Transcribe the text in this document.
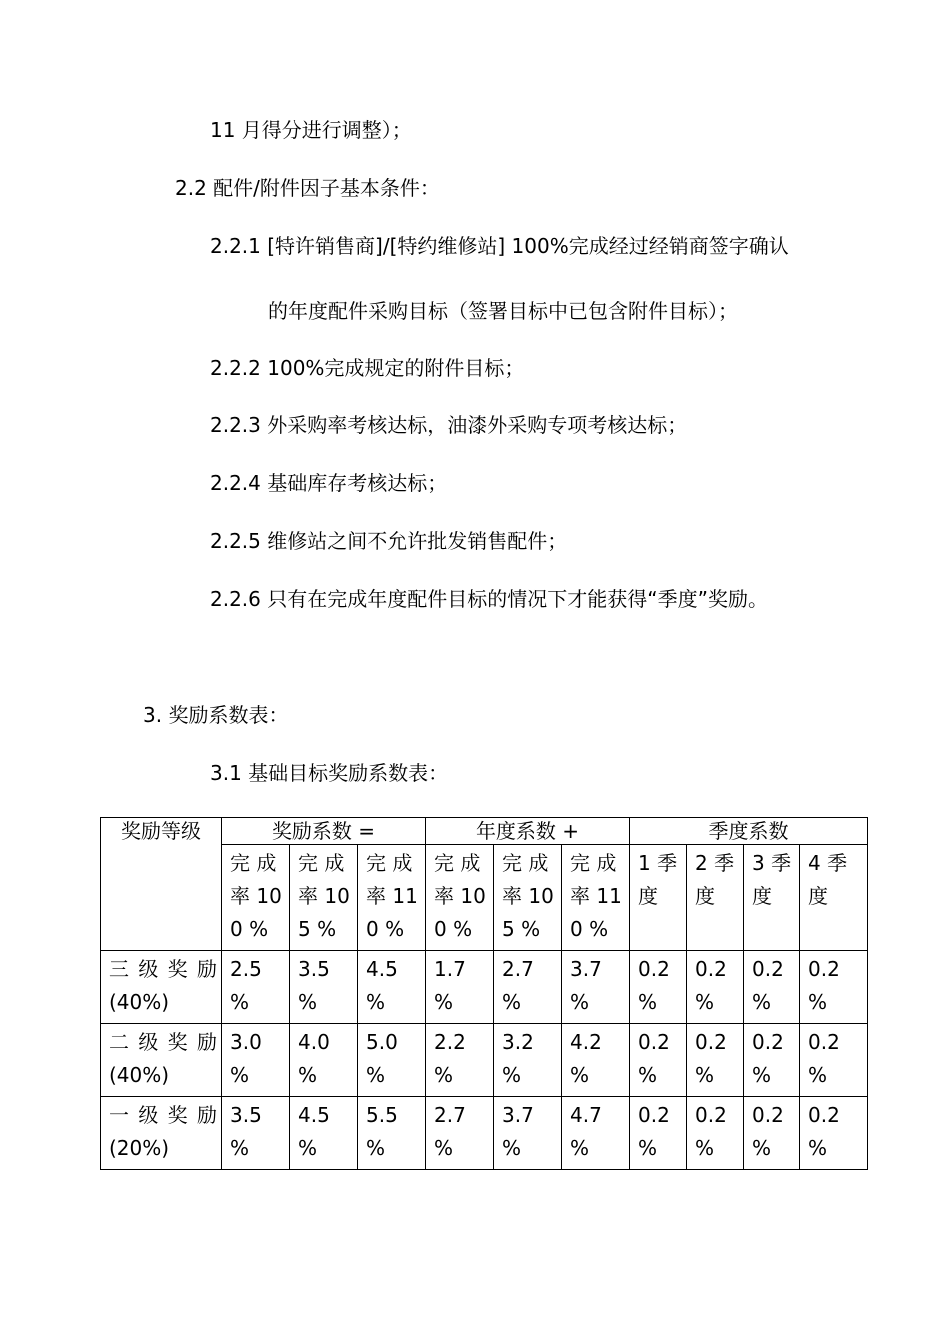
11 月得分进行调整）；
2.2 配件/附件因子基本条件：
2.2.1 [特许销售商]/[特约维修站] 100%完成经过经销商签字确认
的年度配件采购目标（签署目标中已包含附件目标）；
2.2.2 100%完成规定的附件目标；
2.2.3 外采购率考核达标，油漆外采购专项考核达标；
2.2.4 基础库存考核达标；
2.2.5 维修站之间不允许批发销售配件；
2.2.6 只有在完成年度配件目标的情况下才能获得“季度”奖励。
3. 奖励系数表：
3.1 基础目标奖励系数表：
奖励等级	奖励系数 =			年度系数 +			季度系数			
	完 成 率 100 %	完 成 率 105 %	完 成 率 110 %	完 成 率 100 %	完 成 率 105 %	完 成 率 110 %	1 季 度	2 季 度	3 季 度	4 季 度
三 级 奖 励 (40%)	2.5 %	3.5 %	4.5 %	1.7 %	2.7 %	3.7 %	0.2 %	0.2 %	0.2 %	0.2 %
二 级 奖 励 (40%)	3.0 %	4.0 %	5.0 %	2.2 %	3.2 %	4.2 %	0.2 %	0.2 %	0.2 %	0.2 %
一 级 奖 励 (20%)	3.5 %	4.5 %	5.5 %	2.7 %	3.7 %	4.7 %	0.2 %	0.2 %	0.2 %	0.2 %
